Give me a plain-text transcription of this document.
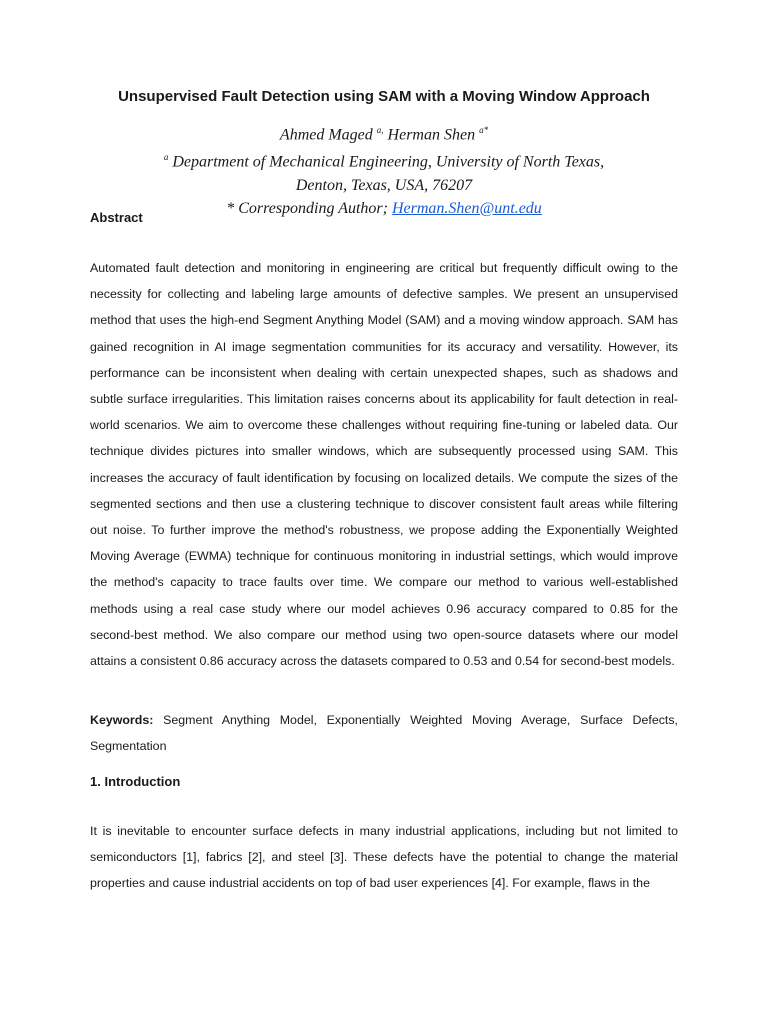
Unsupervised Fault Detection using SAM with a Moving Window Approach
Ahmed Maged $^{a,}$ Herman Shen $^{a*}$
$^a$ Department of Mechanical Engineering, University of North Texas,
Denton, Texas, USA, 76207
* Corresponding Author; Herman.Shen@unt.edu
Abstract
Automated fault detection and monitoring in engineering are critical but frequently difficult owing to the necessity for collecting and labeling large amounts of defective samples. We present an unsupervised method that uses the high-end Segment Anything Model (SAM) and a moving window approach. SAM has gained recognition in AI image segmentation communities for its accuracy and versatility. However, its performance can be inconsistent when dealing with certain unexpected shapes, such as shadows and subtle surface irregularities. This limitation raises concerns about its applicability for fault detection in real-world scenarios. We aim to overcome these challenges without requiring fine-tuning or labeled data. Our technique divides pictures into smaller windows, which are subsequently processed using SAM. This increases the accuracy of fault identification by focusing on localized details. We compute the sizes of the segmented sections and then use a clustering technique to discover consistent fault areas while filtering out noise. To further improve the method's robustness, we propose adding the Exponentially Weighted Moving Average (EWMA) technique for continuous monitoring in industrial settings, which would improve the method's capacity to trace faults over time. We compare our method to various well-established methods using a real case study where our model achieves 0.96 accuracy compared to 0.85 for the second-best method. We also compare our method using two open-source datasets where our model attains a consistent 0.86 accuracy across the datasets compared to 0.53 and 0.54 for second-best models.
Keywords: Segment Anything Model, Exponentially Weighted Moving Average, Surface Defects, Segmentation
1. Introduction
It is inevitable to encounter surface defects in many industrial applications, including but not limited to semiconductors [1], fabrics [2], and steel [3]. These defects have the potential to change the material properties and cause industrial accidents on top of bad user experiences [4]. For example, flaws in the
